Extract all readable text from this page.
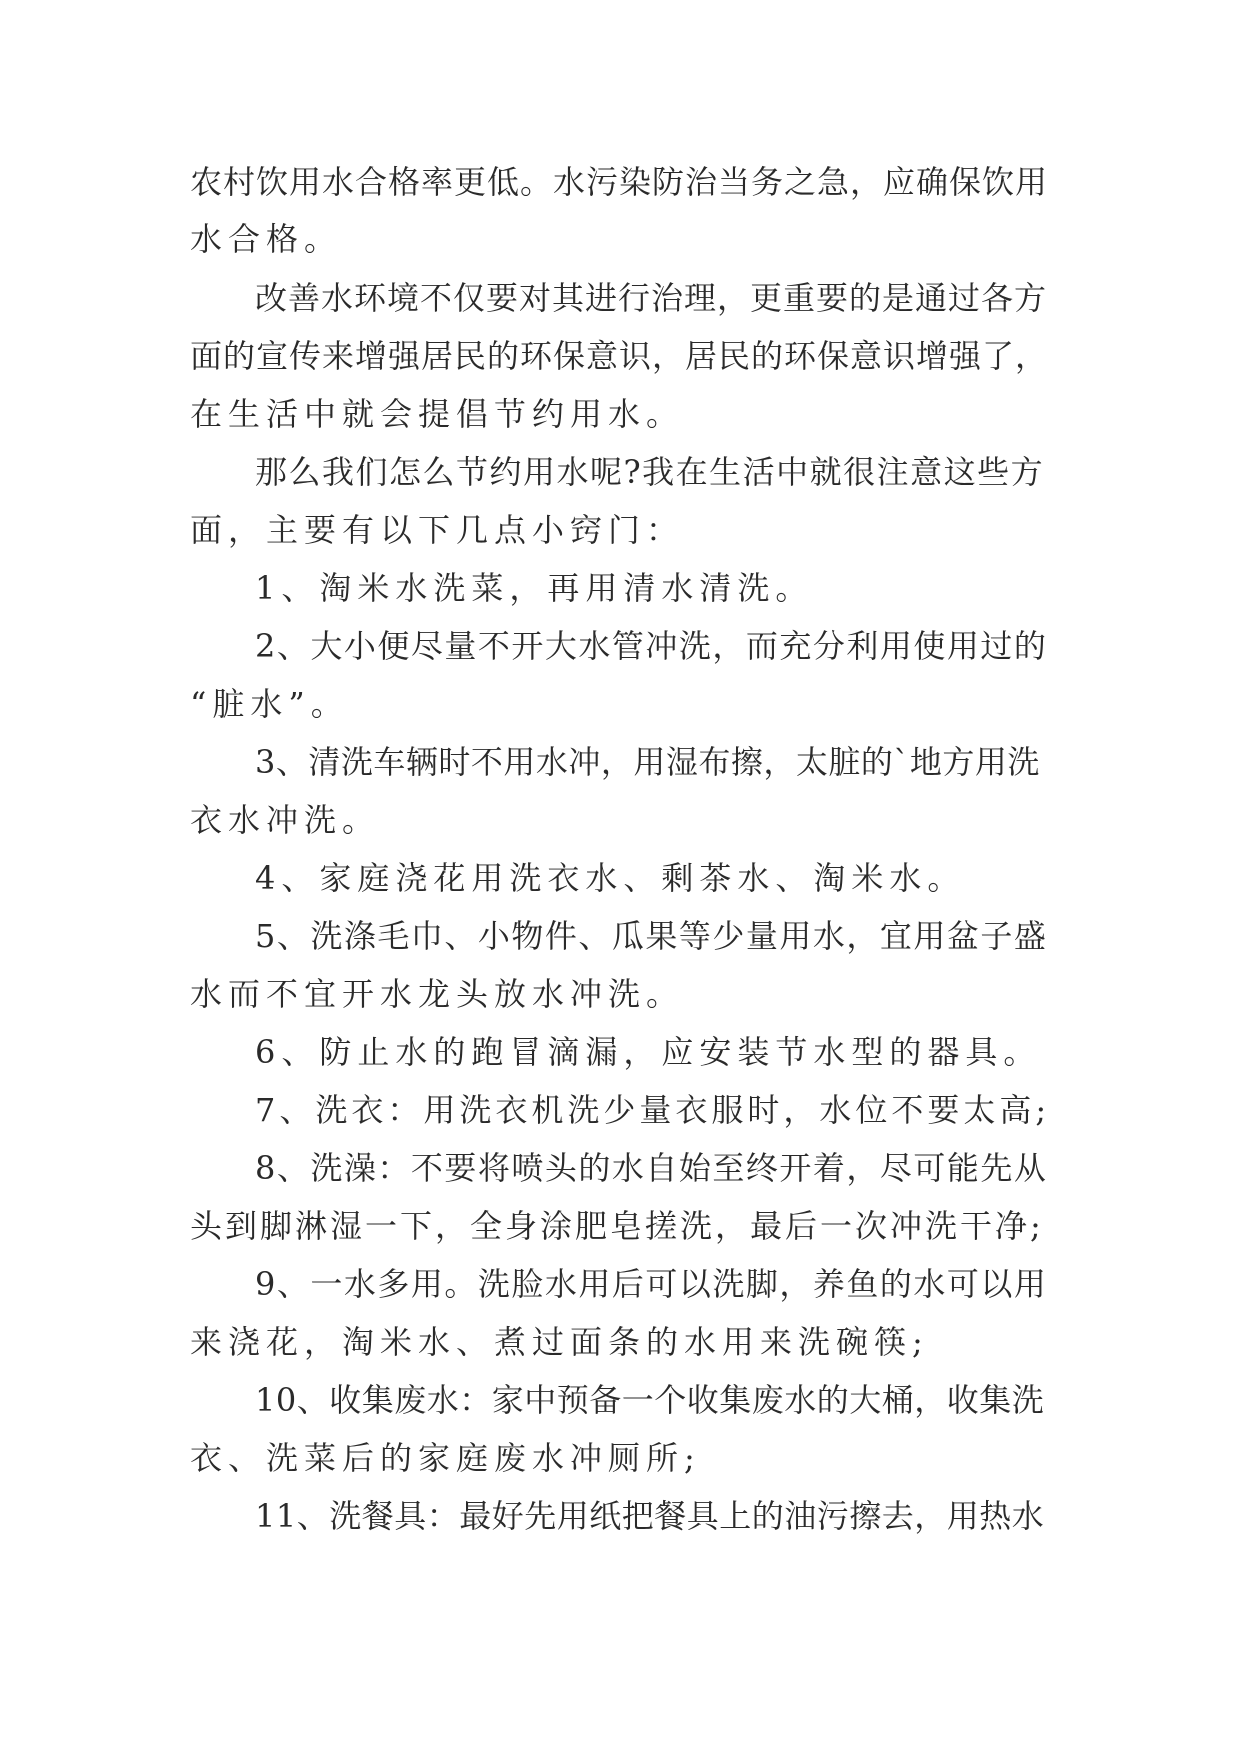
农村饮用水合格率更低。水污染防治当务之急，应确保饮用
水合格。
改善水环境不仅要对其进行治理，更重要的是通过各方
面的宣传来增强居民的环保意识，居民的环保意识增强了，
在生活中就会提倡节约用水。
那么我们怎么节约用水呢?我在生活中就很注意这些方
面，主要有以下几点小窍门：
1、淘米水洗菜，再用清水清洗。
2、大小便尽量不开大水管冲洗，而充分利用使用过的
“脏水”。
3、清洗车辆时不用水冲，用湿布擦，太脏的`地方用洗
衣水冲洗。
4、家庭浇花用洗衣水、剩茶水、淘米水。
5、洗涤毛巾、小物件、瓜果等少量用水，宜用盆子盛
水而不宜开水龙头放水冲洗。
6、防止水的跑冒滴漏，应安装节水型的器具。
7、洗衣：用洗衣机洗少量衣服时，水位不要太高;
8、洗澡：不要将喷头的水自始至终开着，尽可能先从
头到脚淋湿一下，全身涂肥皂搓洗，最后一次冲洗干净;
9、一水多用。洗脸水用后可以洗脚，养鱼的水可以用
来浇花，淘米水、煮过面条的水用来洗碗筷;
10、收集废水：家中预备一个收集废水的大桶，收集洗
衣、洗菜后的家庭废水冲厕所;
11、洗餐具：最好先用纸把餐具上的油污擦去，用热水
